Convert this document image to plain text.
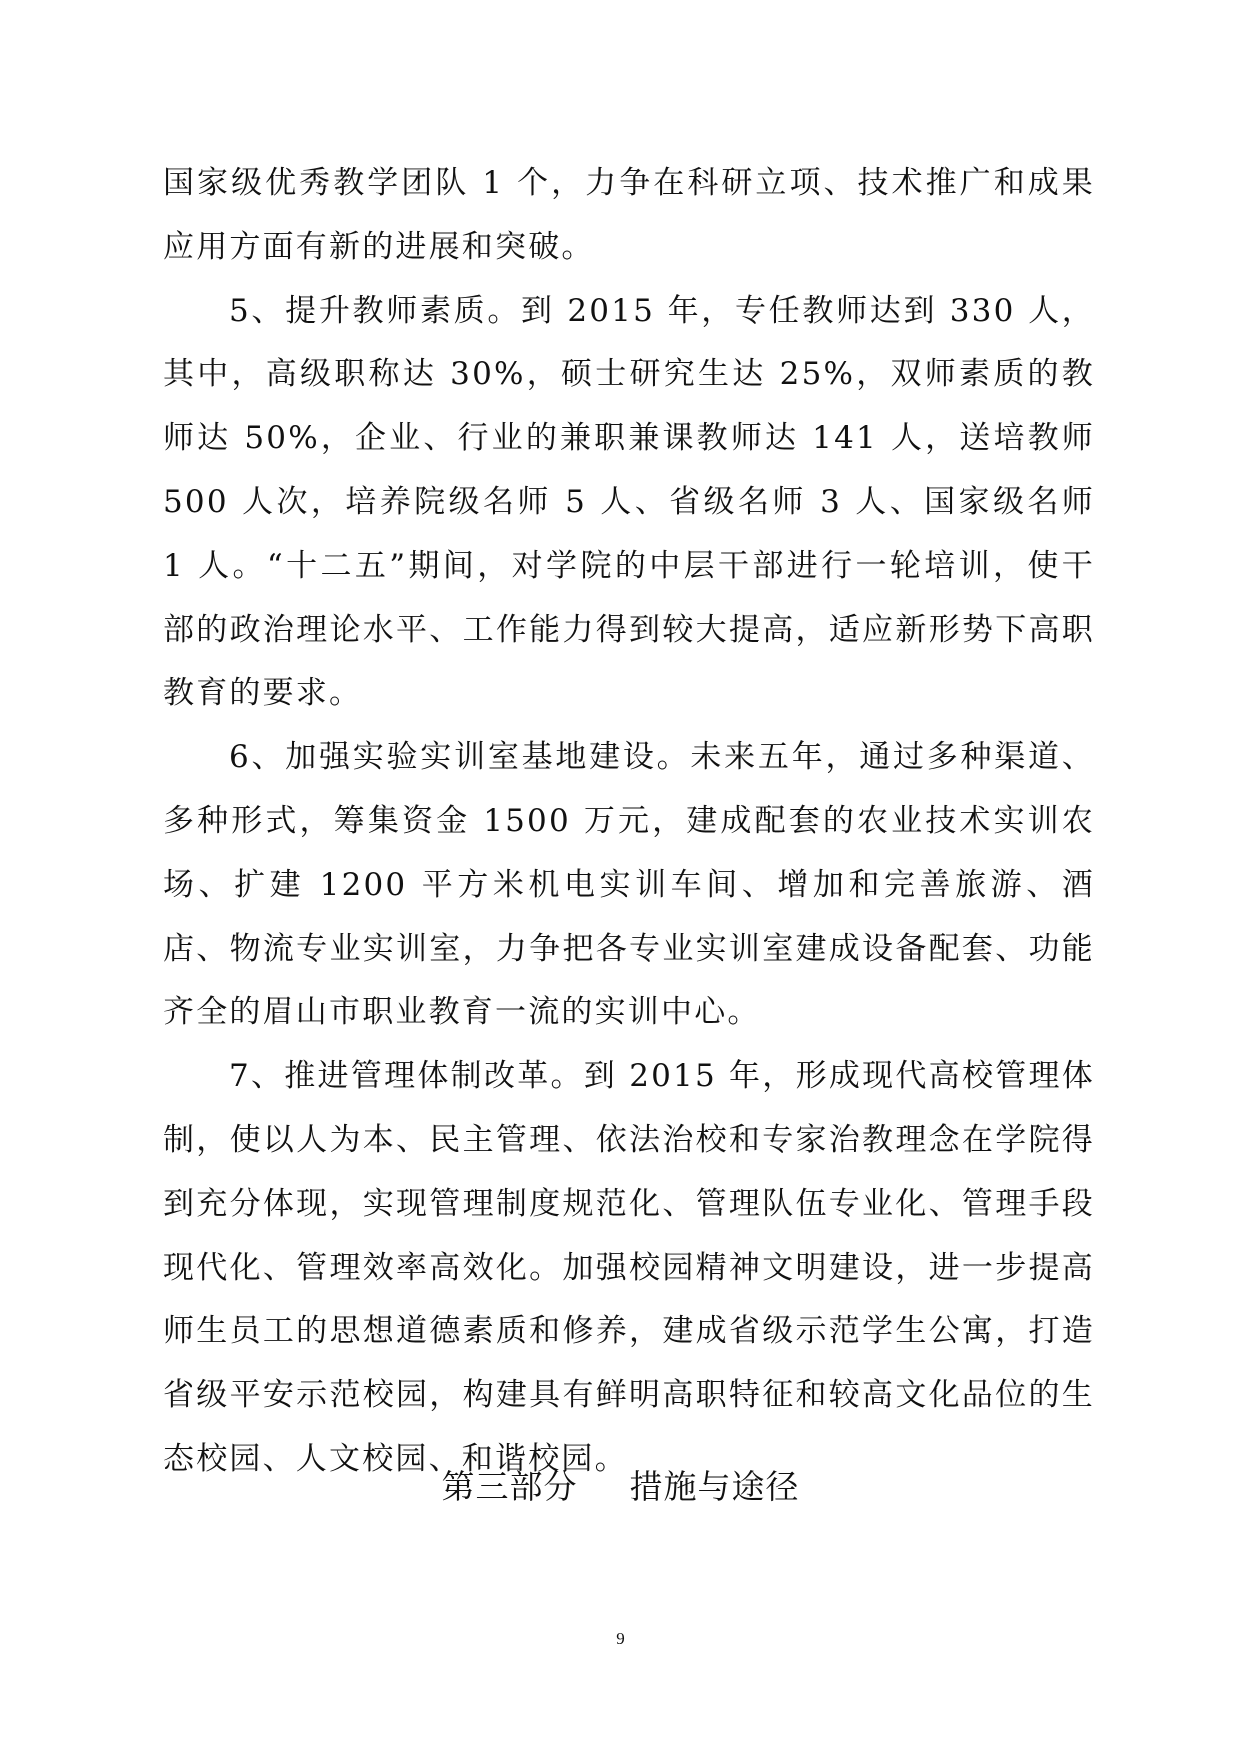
国家级优秀教学团队 1 个，力争在科研立项、技术推广和成果应用方面有新的进展和突破。

5、提升教师素质。到 2015 年，专任教师达到 330 人，其中，高级职称达 30%，硕士研究生达 25%，双师素质的教师达 50%，企业、行业的兼职兼课教师达 141 人，送培教师 500 人次，培养院级名师 5 人、省级名师 3 人、国家级名师 1 人。“十二五”期间，对学院的中层干部进行一轮培训，使干部的政治理论水平、工作能力得到较大提高，适应新形势下高职教育的要求。

6、加强实验实训室基地建设。未来五年，通过多种渠道、多种形式，筹集资金 1500 万元，建成配套的农业技术实训农场、扩建 1200 平方米机电实训车间、增加和完善旅游、酒店、物流专业实训室，力争把各专业实训室建成设备配套、功能齐全的眉山市职业教育一流的实训中心。

7、推进管理体制改革。到 2015 年，形成现代高校管理体制，使以人为本、民主管理、依法治校和专家治教理念在学院得到充分体现，实现管理制度规范化、管理队伍专业化、管理手段现代化、管理效率高效化。加强校园精神文明建设，进一步提高师生员工的思想道德素质和修养，建成省级示范学生公寓，打造省级平安示范校园，构建具有鲜明高职特征和较高文化品位的生态校园、人文校园、和谐校园。

第三部分 措施与途径
9
